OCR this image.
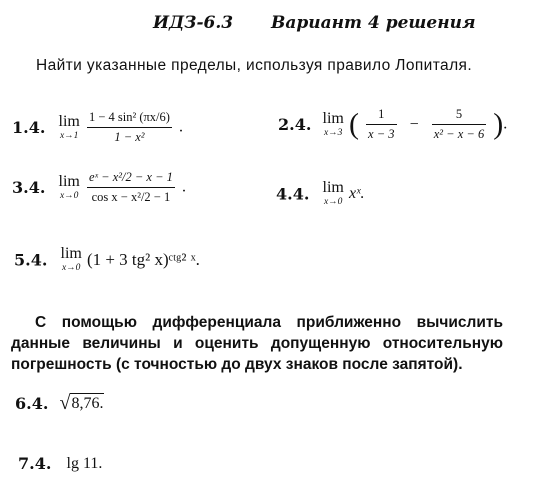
ИДЗ-6.3 Вариант 4 решения
Найти указанные пределы, используя правило Лопиталя.
1.4. lim
x→1
$\frac{\text{1 − 4 sin² (πx/6)}}{\text{1 − x²}}$ .	2.4. lim
x→3 ( $\frac{1}{x - 3} - \frac{5}{\text{x² − x − 6}}$ ).
3.4. lim
x→0
$\frac{\text{eˣ − x²/2 − x − 1}}{\text{cos x − x²/2 − 1}}$ .	4.4. lim
x→0
xˣ.
5.4. lim
x→0 (1 + 3 tg² x)ᶜᵗᵍ² ˣ.
С помощью дифференциала приближенно вычислить данные величины и оценить допущенную относительную погрешность (с точностью до двух знаков после запятой).
6.4. √8,76.
7.4. lg 11.
